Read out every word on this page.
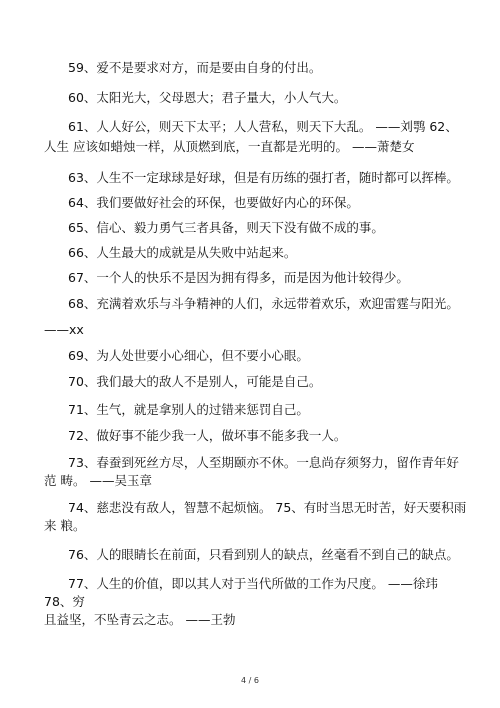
59、爱不是要求对方，而是要由自身的付出。

60、太阳光大，父母恩大；君子量大，小人气大。

61、人人好公，则天下太平；人人营私，则天下大乱。 ——刘鹗 62、

人生 应该如蜡烛一样，从顶燃到底，一直都是光明的。 ——萧楚女

63、人生不一定球球是好球，但是有历练的强打者，随时都可以挥棒。

64、我们要做好社会的环保，也要做好内心的环保。

65、信心、毅力勇气三者具备，则天下没有做不成的事。

66、人生最大的成就是从失败中站起来。

67、一个人的快乐不是因为拥有得多，而是因为他计较得少。

68、充满着欢乐与斗争精神的人们，永远带着欢乐，欢迎雷霆与阳光。

——xx

69、为人处世要小心细心，但不要小心眼。

70、我们最大的敌人不是别人，可能是自己。

71、生气，就是拿别人的过错来惩罚自己。

72、做好事不能少我一人，做坏事不能多我一人。

73、春蚕到死丝方尽，人至期颐亦不休。一息尚存须努力，留作青年好

范 畴。 ——吴玉章

74、慈悲没有敌人，智慧不起烦恼。 75、有时当思无时苦，好天要积雨

来 粮。

76、人的眼睛长在前面，只看到别人的缺点，丝毫看不到自己的缺点。

77、人生的价值，即以其人对于当代所做的工作为尺度。 ——徐玮

78、穷

且益坚，不坠青云之志。 ——王勃

4 / 6
